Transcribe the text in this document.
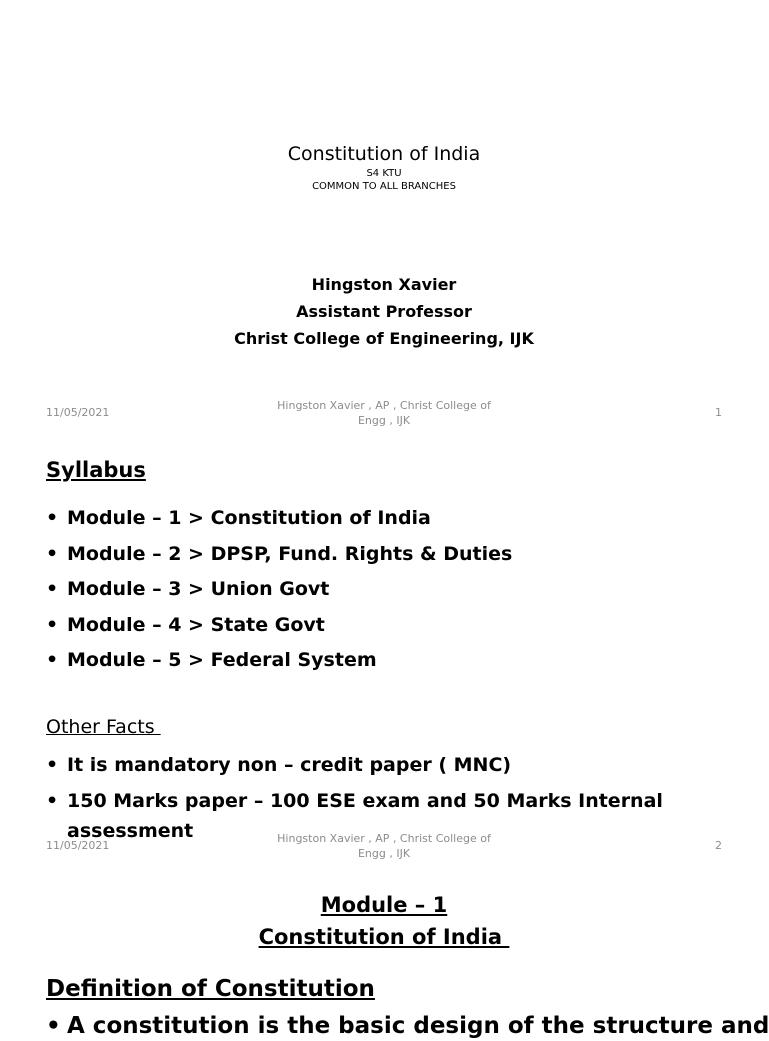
Constitution of India
S4 KTU
COMMON TO ALL BRANCHES
Hingston Xavier
Assistant Professor
Christ College of Engineering, IJK
11/05/2021
Hingston Xavier , AP , Christ College of
Engg , IJK
1
Syllabus
• Module – 1 > Constitution of India
• Module – 2 > DPSP, Fund. Rights & Duties
• Module – 3 > Union Govt
• Module – 4 > State Govt
• Module – 5 > Federal System
Other Facts
• It is mandatory non – credit paper ( MNC)
• 150 Marks paper – 100 ESE exam and 50 Marks Internal assessment
11/05/2021
Hingston Xavier , AP , Christ College of
Engg , IJK
2
Module – 1
Constitution of India
Definition of Constitution
• A constitution is the basic design of the structure and
